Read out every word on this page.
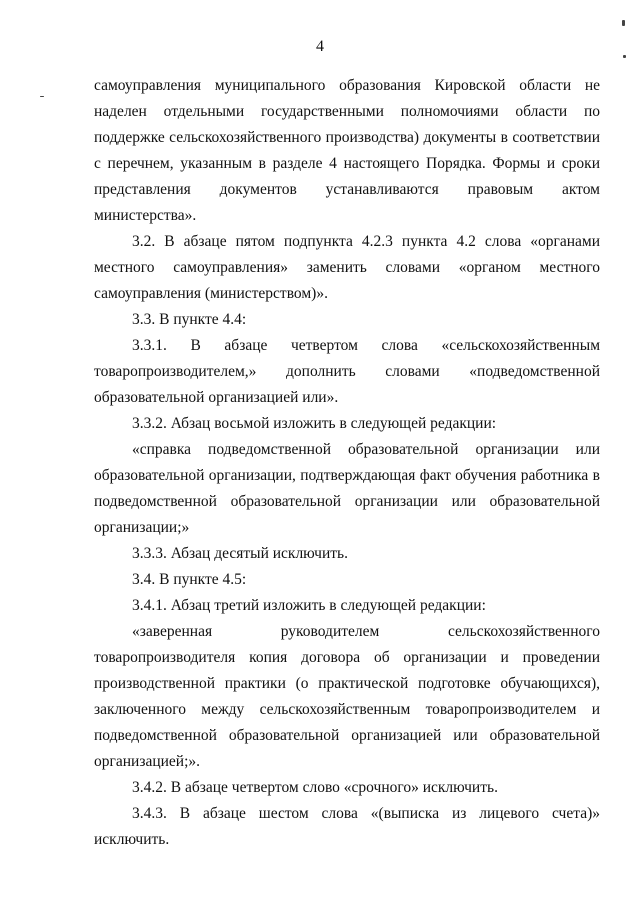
4

самоуправления муниципального образования Кировской области не наделен отдельными государственными полномочиями области по поддержке сельскохозяйственного производства) документы в соответствии с перечнем, указанным в разделе 4 настоящего Порядка. Формы и сроки представления документов устанавливаются правовым актом министерства».

3.2. В абзаце пятом подпункта 4.2.3 пункта 4.2 слова «органами местного самоуправления» заменить словами «органом местного самоуправления (министерством)».

3.3. В пункте 4.4:

3.3.1. В абзаце четвертом слова «сельскохозяйственным товаропроизводителем,» дополнить словами «подведомственной образовательной организацией или».

3.3.2. Абзац восьмой изложить в следующей редакции:

«справка подведомственной образовательной организации или образовательной организации, подтверждающая факт обучения работника в подведомственной образовательной организации или образовательной организации;»

3.3.3. Абзац десятый исключить.

3.4. В пункте 4.5:

3.4.1. Абзац третий изложить в следующей редакции:

«заверенная руководителем сельскохозяйственного товаропроизводителя копия договора об организации и проведении производственной практики (о практической подготовке обучающихся), заключенного между сельскохозяйственным товаропроизводителем и подведомственной образовательной организацией или образовательной организацией;».

3.4.2. В абзаце четвертом слово «срочного» исключить.

3.4.3. В абзаце шестом слова «(выписка из лицевого счета)» исключить.
